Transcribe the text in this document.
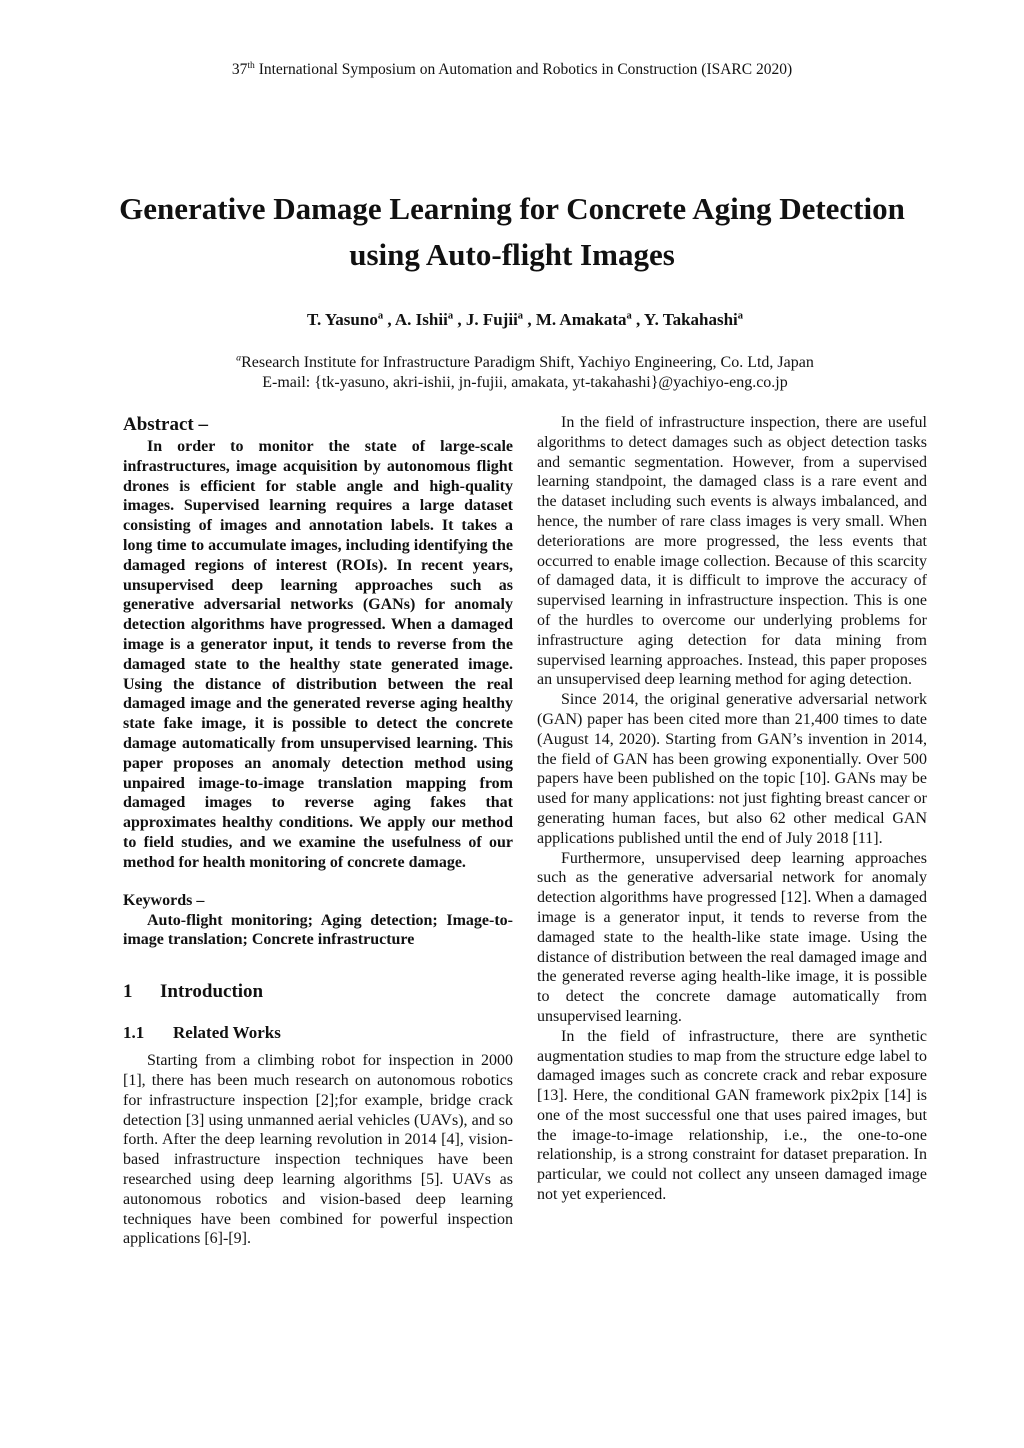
37th International Symposium on Automation and Robotics in Construction (ISARC 2020)
Generative Damage Learning for Concrete Aging Detection using Auto-flight Images
T. Yasuno$^a$ , A. Ishii$^a$ , J. Fujii$^a$ , M. Amakata$^a$ , Y. Takahashi$^a$
$^a$Research Institute for Infrastructure Paradigm Shift, Yachiyo Engineering, Co. Ltd, Japan
E-mail: {tk-yasuno, akri-ishii, jn-fujii, amakata, yt-takahashi}@yachiyo-eng.co.jp
Abstract –

In order to monitor the state of large-scale infrastructures, image acquisition by autonomous flight drones is efficient for stable angle and high-quality images. Supervised learning requires a large dataset consisting of images and annotation labels. It takes a long time to accumulate images, including identifying the damaged regions of interest (ROIs). In recent years, unsupervised deep learning approaches such as generative adversarial networks (GANs) for anomaly detection algorithms have progressed. When a damaged image is a generator input, it tends to reverse from the damaged state to the healthy state generated image. Using the distance of distribution between the real damaged image and the generated reverse aging healthy state fake image, it is possible to detect the concrete damage automatically from unsupervised learning. This paper proposes an anomaly detection method using unpaired image-to-image translation mapping from damaged images to reverse aging fakes that approximates healthy conditions. We apply our method to field studies, and we examine the usefulness of our method for health monitoring of concrete damage.

Keywords –

Auto-flight monitoring; Aging detection; Image-to-image translation; Concrete infrastructure

1	Introduction
1.1	Related Works

Starting from a climbing robot for inspection in 2000 [1], there has been much research on autonomous robotics for infrastructure inspection [2];for example, bridge crack detection [3] using unmanned aerial vehicles (UAVs), and so forth. After the deep learning revolution in 2014 [4], vision-based infrastructure inspection techniques have been researched using deep learning algorithms [5]. UAVs as autonomous robotics and vision-based deep learning techniques have been combined for powerful inspection applications [6]-[9].

In the field of infrastructure inspection, there are useful algorithms to detect damages such as object detection tasks and semantic segmentation. However, from a supervised learning standpoint, the damaged class is a rare event and the dataset including such events is always imbalanced, and hence, the number of rare class images is very small. When deteriorations are more progressed, the less events that occurred to enable image collection. Because of this scarcity of damaged data, it is difficult to improve the accuracy of supervised learning in infrastructure inspection. This is one of the hurdles to overcome our underlying problems for infrastructure aging detection for data mining from supervised learning approaches. Instead, this paper proposes an unsupervised deep learning method for aging detection.

Since 2014, the original generative adversarial network (GAN) paper has been cited more than 21,400 times to date (August 14, 2020). Starting from GAN’s invention in 2014, the field of GAN has been growing exponentially. Over 500 papers have been published on the topic [10]. GANs may be used for many applications: not just fighting breast cancer or generating human faces, but also 62 other medical GAN applications published until the end of July 2018 [11].

Furthermore, unsupervised deep learning approaches such as the generative adversarial network for anomaly detection algorithms have progressed [12]. When a damaged image is a generator input, it tends to reverse from the damaged state to the health-like state image. Using the distance of distribution between the real damaged image and the generated reverse aging health-like image, it is possible to detect the concrete damage automatically from unsupervised learning.

In the field of infrastructure, there are synthetic augmentation studies to map from the structure edge label to damaged images such as concrete crack and rebar exposure [13]. Here, the conditional GAN framework pix2pix [14] is one of the most successful one that uses paired images, but the image-to-image relationship, i.e., the one-to-one relationship, is a strong constraint for dataset preparation. In particular, we could not collect any unseen damaged image not yet experienced.
